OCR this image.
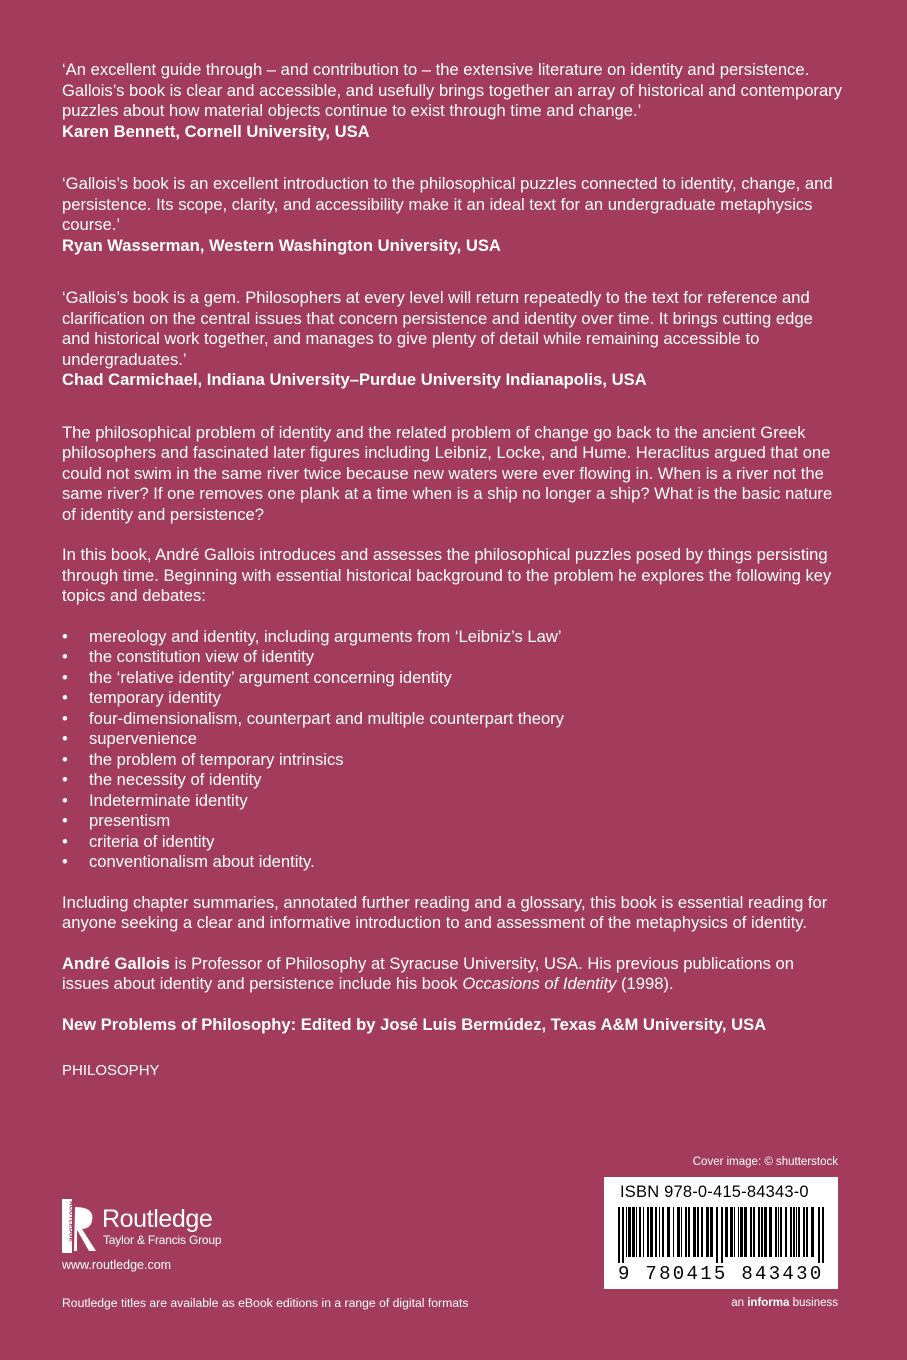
‘An excellent guide through – and contribution to – the extensive literature on identity and persistence. Gallois’s book is clear and accessible, and usefully brings together an array of historical and contemporary puzzles about how material objects continue to exist through time and change.’
Karen Bennett, Cornell University, USA

‘Gallois’s book is an excellent introduction to the philosophical puzzles connected to identity, change, and persistence. Its scope, clarity, and accessibility make it an ideal text for an undergraduate metaphysics course.’
Ryan Wasserman, Western Washington University, USA

‘Gallois’s book is a gem. Philosophers at every level will return repeatedly to the text for reference and clarification on the central issues that concern persistence and identity over time. It brings cutting edge and historical work together, and manages to give plenty of detail while remaining accessible to undergraduates.’
Chad Carmichael, Indiana University–Purdue University Indianapolis, USA

The philosophical problem of identity and the related problem of change go back to the ancient Greek philosophers and fascinated later figures including Leibniz, Locke, and Hume. Heraclitus argued that one could not swim in the same river twice because new waters were ever flowing in. When is a river not the same river? If one removes one plank at a time when is a ship no longer a ship? What is the basic nature of identity and persistence?

In this book, André Gallois introduces and assesses the philosophical puzzles posed by things persisting through time. Beginning with essential historical background to the problem he explores the following key topics and debates:

• mereology and identity, including arguments from ‘Leibniz’s Law’
• the constitution view of identity
• the ‘relative identity’ argument concerning identity
• temporary identity
• four-dimensionalism, counterpart and multiple counterpart theory
• supervenience
• the problem of temporary intrinsics
• the necessity of identity
• Indeterminate identity
• presentism
• criteria of identity
• conventionalism about identity.

Including chapter summaries, annotated further reading and a glossary, this book is essential reading for anyone seeking a clear and informative introduction to and assessment of the metaphysics of identity.

André Gallois is Professor of Philosophy at Syracuse University, USA. His previous publications on issues about identity and persistence include his book Occasions of Identity (1998).

New Problems of Philosophy: Edited by José Luis Bermúdez, Texas A&M University, USA

PHILOSOPHY

Cover image: © shutterstock
ISBN 978-0-415-84343-0
9 780415 843430
an informa business
ROUTLEDGE Routledge
Taylor & Francis Group
www.routledge.com
Routledge titles are available as eBook editions in a range of digital formats
